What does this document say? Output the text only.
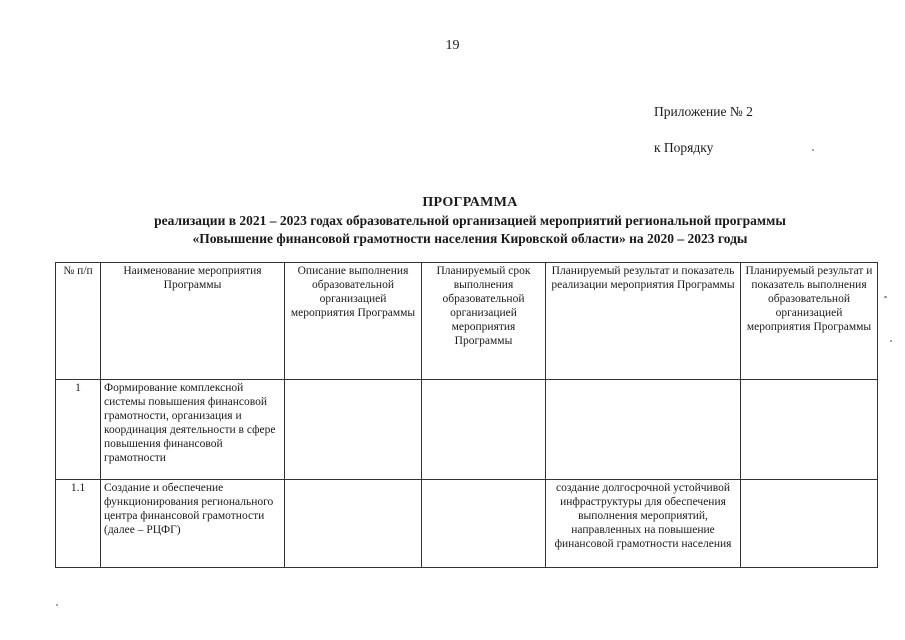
19
Приложение № 2
к Порядку
ПРОГРАММА
реализации в 2021 – 2023 годах образовательной организацией мероприятий региональной программы
«Повышение финансовой грамотности населения Кировской области» на 2020 – 2023 годы
№ п/п	Наименование мероприятия Программы	Описание выполнения образовательной организацией мероприятия Программы	Планируемый срок выполнения образовательной организацией мероприятия Программы	Планируемый результат и показатель реализации мероприятия Программы	Планируемый результат и показатель выполнения образовательной организацией мероприятия Программы
1	Формирование комплексной системы повышения финансовой грамотности, организация и координация деятельности в сфере повышения финансовой грамотности				
1.1	Создание и обеспечение функционирования регионального центра финансовой грамотности (далее – РЦФГ)			создание долгосрочной устойчивой инфраструктуры для обеспечения выполнения мероприятий, направленных на повышение финансовой грамотности населения	
